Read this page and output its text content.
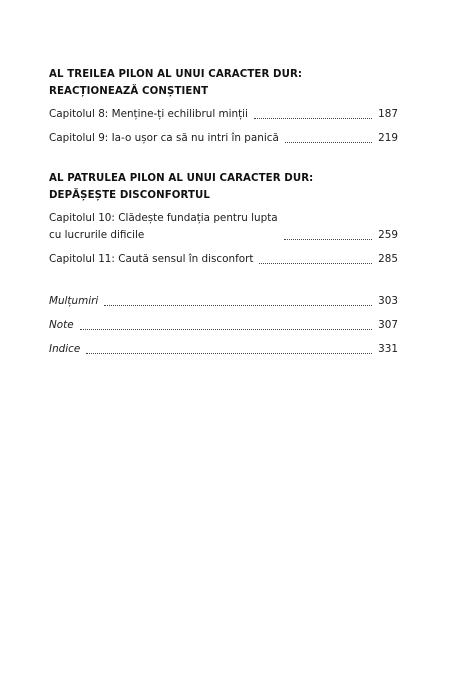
AL TREILEA PILON AL UNUI CARACTER DUR:
REACȚIONEAZĂ CONȘTIENT
Capitolul 8: Menține-ți echilibrul minții	187
Capitolul 9: Ia-o ușor ca să nu intri în panică	219
AL PATRULEA PILON AL UNUI CARACTER DUR:
DEPĂȘEȘTE DISCONFORTUL
Capitolul 10: Clădește fundația pentru lupta
cu lucrurile dificile	259
Capitolul 11: Caută sensul în disconfort	285
Mulțumiri	303
Note	307
Indice	331
